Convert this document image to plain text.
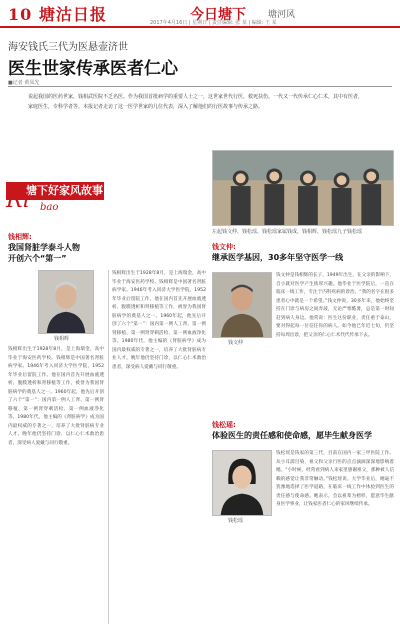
10 塘沽日报	今日塘下 塘河风
2017年4月16日 | 星期日 | 责任编辑: 张 某 | 编辑: 王 某
海安钱氏三代为医悬壶济世
医生世家传承医者仁心
■记者 黄凤光
说起我国的医药世家，钱相武医院不乏名医。作为我国首批病学的重要人士之一，这世家世代行医，救死扶伤。一代又一代传承仁心仁术，其中有医者，家庭医生，专科学者等。本报记者走访了这一医学世家的几位代表，深入了解他们的行医故事与传承之路。
塘下好家风故事
Ri bao
左起钱文仲、钱松瑶、钱松瑶家属钱成、钱相辉、钱松瑶九子钱松瑶
钱相辉:
我国肾脏学泰斗人物
开创六个“第一”
钱相辉
钱相辉出生于1928年8月，是上海瑞金，高中毕业于海安医药学校。钱相辉是中国著名肾脏病学家。1946年考入同济大学医学院，1952年毕业后留院工作。他在国内首先开展血液透析、腹膜透析和肾移植等工作，被誉为我国肾脏病学的奠基人之一。1960年起，他先后开创了六个“第一”：国内第一例人工肾、第一例肾移植、第一例肾穿刺活检、第一例血液净化等。1980年代，他主编的《肾脏病学》成为国内最权威的专著之一，培养了大批肾脏病专业人才。晚年他仍坚持门诊，以仁心仁术救治患者，深受病人爱戴与同行敬重。
钱相辉出生于1928年8月，是上海瑞金，高中毕业于海安医药学校。钱相辉是中国著名肾脏病学家。1946年考入同济大学医学院，1952年毕业后留院工作。他在国内首先开展血液透析、腹膜透析和肾移植等工作，被誉为我国肾脏病学的奠基人之一。1960年起，他先后开创了六个“第一”：国内第一例人工肾、第一例肾移植、第一例肾穿刺活检、第一例血液净化等。1980年代，他主编的《肾脏病学》成为国内最权威的专著之一，培养了大批肾脏病专业人才。晚年他仍坚持门诊，以仁心仁术救治患者，深受病人爱戴与同行敬重。
钱文仲:
继承医学基因，30多年坚守医学一线
钱文仲
钱文仲是钱相辉的长子，1949年出生，在父亲的影响下，自小就对医学产生浓厚兴趣。他毕业于医学院后，一直在临床一线工作，专注于内科疾病的诊治。“我的名字在很多患者心中就是一个希望。”钱文仲说。30多年来，他始终坚持在门诊与病房之间奔波，无论严寒酷暑，总是第一时间赶到病人身边。他常说：医生这份职业，责任重于泰山，要对得起每一位信任你的病人。如今他已年近七旬，仍坚持每周出诊，把父亲的仁心仁术代代传承下去。
钱松瑶:
体验医生的责任感和使命感，愿毕生献身医学
钱松瑶
钱松瑶是钱家的第三代，目前在国内一家三甲医院工作。从小耳濡目染，祖父和父亲行医的点点滴滴深深地影响着她。“小时候，经常看到病人来家里感谢祖父，那种被人信赖的感觉让我非常触动。”钱松瑶说。大学毕业后，她毫不犹豫地选择了医学道路，在临床一线工作中体验到医生的责任感与使命感。她表示，会以祖辈为榜样，愿意毕生献身医学事业，让钱家医者仁心的家风继续传承。
